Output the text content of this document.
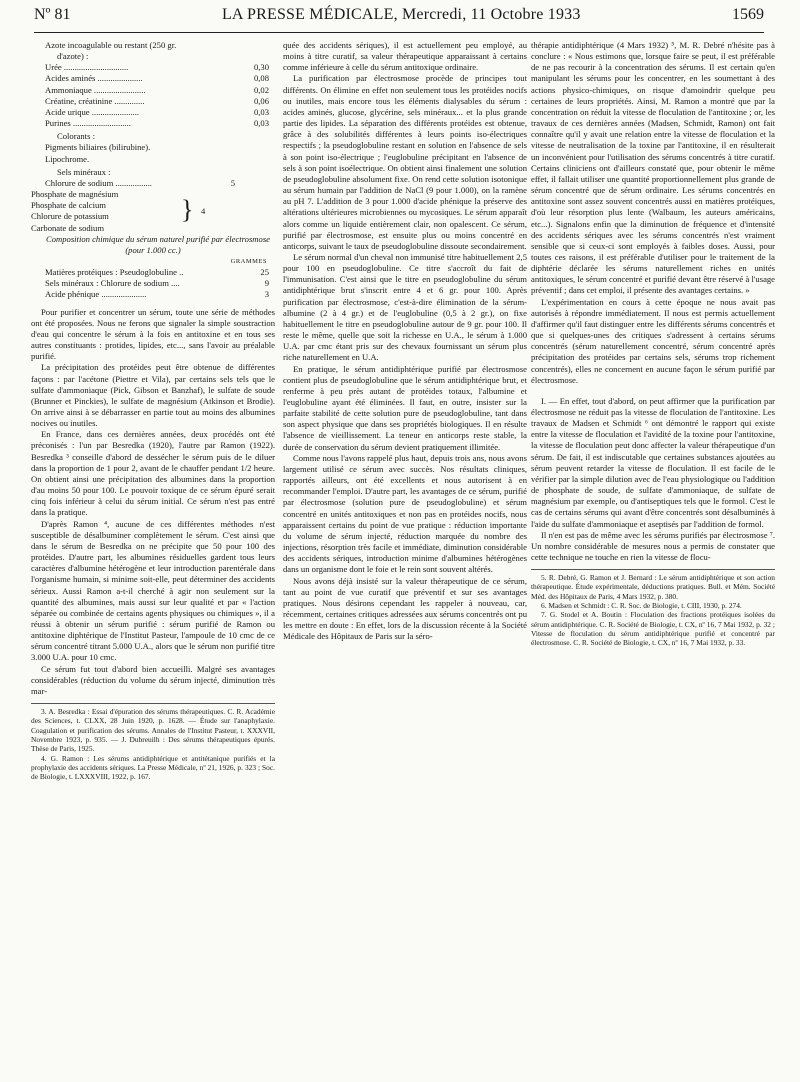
Nº 81	LA PRESSE MÉDICALE, Mercredi, 11 Octobre 1933	1569
Azote incoagulable ou restant (250 gr.
d'azote) :
Urée ..............................	0,30
Acides aminés .....................	0,08
Ammoniaque ........................	0,02
Créatine, créatinine ..............	0,06
Acide urique ......................	0,03
Purines ...........................	0,03
Colorants :
Pigments biliaires (bilirubine).
Lipochrome.
Sels minéraux :
Chlorure de sodium .................	5
Phosphate de magnésium
Phosphate de calcium
Chlorure de potassium
Carbonate de sodium

}	4

Composition chimique du sérum naturel purifié par électrosmose (pour 1.000 cc.)

GRAMMES
Matières protéiques : Pseudoglobuline ..	25
Sels minéraux : Chlorure de sodium ....	9
Acide phénique .....................	3

Pour purifier et concentrer un sérum, toute une série de méthodes ont été proposées. Nous ne ferons que signaler la simple soustraction d'eau qui concentre le sérum à la fois en antitoxine et en tous ses autres constituants : protides, lipides, etc..., sans l'avoir au préalable purifié.

La précipitation des protéides peut être obtenue de différentes façons : par l'acétone (Piettre et Vila), par certains sels tels que le sulfate d'ammoniaque (Pick, Gibson et Banzhaf), le sulfate de soude (Brunner et Pinckies), le sulfate de magnésium (Atkinson et Brodie). On arrive ainsi à se débarrasser en partie tout au moins des albumines nocives ou inutiles.

En France, dans ces dernières années, deux procédés ont été préconisés : l'un par Besredka (1920), l'autre par Ramon (1922). Besredka ³ conseille d'abord de dessécher le sérum puis de le diluer dans la proportion de 1 pour 2, avant de le chauffer pendant 1/2 heure. On obtient ainsi une précipitation des albumines dans la proportion d'au moins 50 pour 100. Le pouvoir toxique de ce sérum épuré serait cinq fois inférieur à celui du sérum initial. Ce sérum n'est pas entré dans la pratique.

D'après Ramon ⁴, aucune de ces différentes méthodes n'est susceptible de désalbuminer complètement le sérum. C'est ainsi que dans le sérum de Besredka on ne précipite que 50 pour 100 des protéides. D'autre part, les albumines résiduelles gardent tous leurs caractères d'albumine hétérogène et leur introduction parentérale dans l'organisme humain, si minime soit-elle, peut déterminer des accidents sérieux. Aussi Ramon a-t-il cherché à agir non seulement sur la quantité des albumines, mais aussi sur leur qualité et par « l'action séparée ou combinée de certains agents physiques ou chimiques », il a réussi à obtenir un sérum purifié : sérum purifié de Ramon ou antitoxine diphtérique de l'Institut Pasteur, l'ampoule de 10 cmc de ce sérum concentré titrant 5.000 U.A., alors que le sérum non purifié titre 3.000 U.A. pour 10 cmc.

Ce sérum fut tout d'abord bien accueilli. Malgré ses avantages considérables (réduction du volume du sérum injecté, diminution très mar-

3. A. Besredka : Essai d'épuration des sérums thérapeutiques. C. R. Académie des Sciences, t. CLXX, 28 Juin 1920, p. 1628. — Étude sur l'anaphylaxie. Coagulation et purification des sérums. Annales de l'Institut Pasteur, t. XXXVII, Novembre 1923, p. 935. — J. Dubreuilh : Des sérums thérapeutiques épurés. Thèse de Paris, 1925.

4. G. Ramon : Les sérums antidiphtérique et antitétanique purifiés et la prophylaxie des accidents sériques. La Presse Médicale, nº 21, 1926, p. 323 ; Soc. de Biologie, t. LXXXVIII, 1922, p. 167.

quée des accidents sériques), il est actuellement peu employé, au moins à titre curatif, sa valeur thérapeutique apparaissant à certains comme inférieure à celle du sérum antitoxique ordinaire.

La purification par électrosmose procède de principes tout différents. On élimine en effet non seulement tous les protéides nocifs ou inutiles, mais encore tous les éléments dialysables du sérum : acides aminés, glucose, glycérine, sels minéraux... et la plus grande partie des lipides. La séparation des différents protéides est obtenue, grâce à des solubilités différentes à leurs points iso-électriques respectifs ; la pseudoglobuline restant en solution en l'absence de sels à son point iso-électrique ; l'euglobuline précipitant en l'absence de sels à son point isoélectrique. On obtient ainsi finalement une solution de pseudoglobuline absolument fixe. On rend cette solution isotonique au sérum humain par l'addition de NaCl (9 pour 1.000), on la ramène au pH 7. L'addition de 3 pour 1.000 d'acide phénique la préserve des altérations ultérieures microbiennes ou mycosiques. Le sérum apparaît alors comme un liquide entièrement clair, non opalescent. Ce sérum, purifié par électrosmose, est ensuite plus ou moins concentré en anticorps, suivant le taux de pseudoglobuline dissoute secondairement.

Le sérum normal d'un cheval non immunisé titre habituellement 2,5 pour 100 en pseudoglobuline. Ce titre s'accroît du fait de l'immunisation. C'est ainsi que le titre en pseudoglobuline du sérum antidiphtérique brut s'inscrit entre 4 et 6 gr. pour 100. Après purification par électrosmose, c'est-à-dire élimination de la sérum-albumine (2 à 4 gr.) et de l'euglobuline (0,5 à 2 gr.), on fixe habituellement le titre en pseudoglobuline autour de 9 gr. pour 100. Il reste le même, quelle que soit la richesse en U.A., le sérum à 1.000 U.A. par cmc étant pris sur des chevaux fournissant un sérum plus riche naturellement en U.A.

En pratique, le sérum antidiphtérique purifié par électrosmose contient plus de pseudoglobuline que le sérum antidiphtérique brut, et renferme à peu près autant de protéides totaux, l'albumine et l'euglobuline ayant été éliminées. Il faut, en outre, insister sur la parfaite stabilité de cette solution pure de pseudoglobuline, tant dans son aspect physique que dans ses propriétés biologiques. Il en résulte l'absence de vieillissement. La teneur en anticorps reste stable, la durée de conservation du sérum devient pratiquement illimitée.

Comme nous l'avons rappelé plus haut, depuis trois ans, nous avons largement utilisé ce sérum avec succès. Nos résultats cliniques, rapportés ailleurs, ont été excellents et nous autorisent à en recommander l'emploi. D'autre part, les avantages de ce sérum, purifié par électrosmose (solution pure de pseudoglobuline) et sérum concentré en unités antitoxiques et non pas en protéides nocifs, nous apparaissent certains du point de vue pratique : réduction importante du volume de sérum injecté, réduction marquée du nombre des injections, résorption très facile et immédiate, diminution considérable des accidents sériques, introduction minime d'albumines hétérogènes dans un organisme dont le foie et le rein sont souvent altérés.

Nous avons déjà insisté sur la valeur thérapeutique de ce sérum, tant au point de vue curatif que préventif et sur ses avantages pratiques. Nous désirons cependant les rappeler à nouveau, car, récemment, certaines critiques adressées aux sérums concentrés ont pu les mettre en doute : En effet, lors de la discussion récente à la Société Médicale des Hôpitaux de Paris sur la séro-

thérapie antidiphtérique (4 Mars 1932) ⁵, M. R. Debré n'hésite pas à conclure : « Nous estimons que, lorsque faire se peut, il est préférable de ne pas recourir à la concentration des sérums. Il est certain qu'en manipulant les sérums pour les concentrer, en les soumettant à des actions physico-chimiques, on risque d'amoindrir quelque peu certaines de leurs propriétés. Ainsi, M. Ramon a montré que par la concentration on réduit la vitesse de floculation de l'antitoxine ; or, les travaux de ces dernières années (Madsen, Schmidt, Ramon) ont fait connaître qu'il y avait une relation entre la vitesse de floculation et la vitesse de neutralisation de la toxine par l'antitoxine, il en résulterait un inconvénient pour l'utilisation des sérums concentrés à titre curatif. Certains cliniciens ont d'ailleurs constaté que, pour obtenir le même effet, il fallait utiliser une quantité proportionnellement plus grande de sérum concentré que de sérum ordinaire. Les sérums concentrés en antitoxine sont assez souvent concentrés aussi en matières protéiques, d'où leur résorption plus lente (Walbaum, les auteurs américains, etc...). Signalons enfin que la diminution de fréquence et d'intensité des accidents sériques avec les sérums concentrés n'est vraiment sensible que si ceux-ci sont employés à faibles doses. Aussi, pour toutes ces raisons, il est préférable d'utiliser pour le traitement de la diphtérie déclarée les sérums naturellement riches en unités antitoxiques, le sérum concentré et purifié devant être réservé à l'usage préventif ; dans cet emploi, il présente des avantages certains. »

L'expérimentation en cours à cette époque ne nous avait pas autorisés à répondre immédiatement. Il nous est permis actuellement d'affirmer qu'il faut distinguer entre les différents sérums concentrés et que si quelques-unes des critiques s'adressent à certains sérums concentrés (sérum naturellement concentré, sérum concentré après précipitation des protéides par certains sels, sérums trop richement concentrés), elles ne concernent en aucune façon le sérum purifié par électrosmose.

I. — En effet, tout d'abord, on peut affirmer que la purification par électrosmose ne réduit pas la vitesse de floculation de l'antitoxine. Les travaux de Madsen et Schmidt ⁶ ont démontré le rapport qui existe entre la vitesse de floculation et l'avidité de la toxine pour l'antitoxine, la vitesse de floculation peut donc affecter la valeur thérapeutique d'un sérum. De fait, il est indiscutable que certaines substances ajoutées au sérum peuvent retarder la vitesse de floculation. Il est facile de le vérifier par la simple dilution avec de l'eau physiologique ou l'addition de phosphate de soude, de sulfate d'ammoniaque, de sulfate de magnésium par exemple, ou d'antiseptiques tels que le formol. C'est le cas de certains sérums qui avant d'être concentrés sont désalbuminés à l'aide du sulfate d'ammoniaque et aseptisés par l'addition de formol.

Il n'en est pas de même avec les sérums purifiés par électrosmose ⁷. Un nombre considérable de mesures nous a permis de constater que cette technique ne touche en rien la vitesse de flocu-

5. R. Debré, G. Ramon et J. Bernard : Le sérum antidiphtérique et son action thérapeutique. Étude expérimentale, déductions pratiques. Bull. et Mém. Société Méd. des Hôpitaux de Paris, 4 Mars 1932, p. 380.

6. Madsen et Schmidt : C. R. Soc. de Biologie, t. CIII, 1930, p. 274.

7. G. Stodel et A. Boutin : Floculation des fractions protéiques isolées du sérum antidiphtérique. C. R. Société de Biologie, t. CX, nº 16, 7 Mai 1932, p. 32 ; Vitesse de floculation du sérum antidiphtérique purifié et concentré par électrosmose. C. R. Société de Biologie, t. CX, nº 16, 7 Mai 1932, p. 33.
